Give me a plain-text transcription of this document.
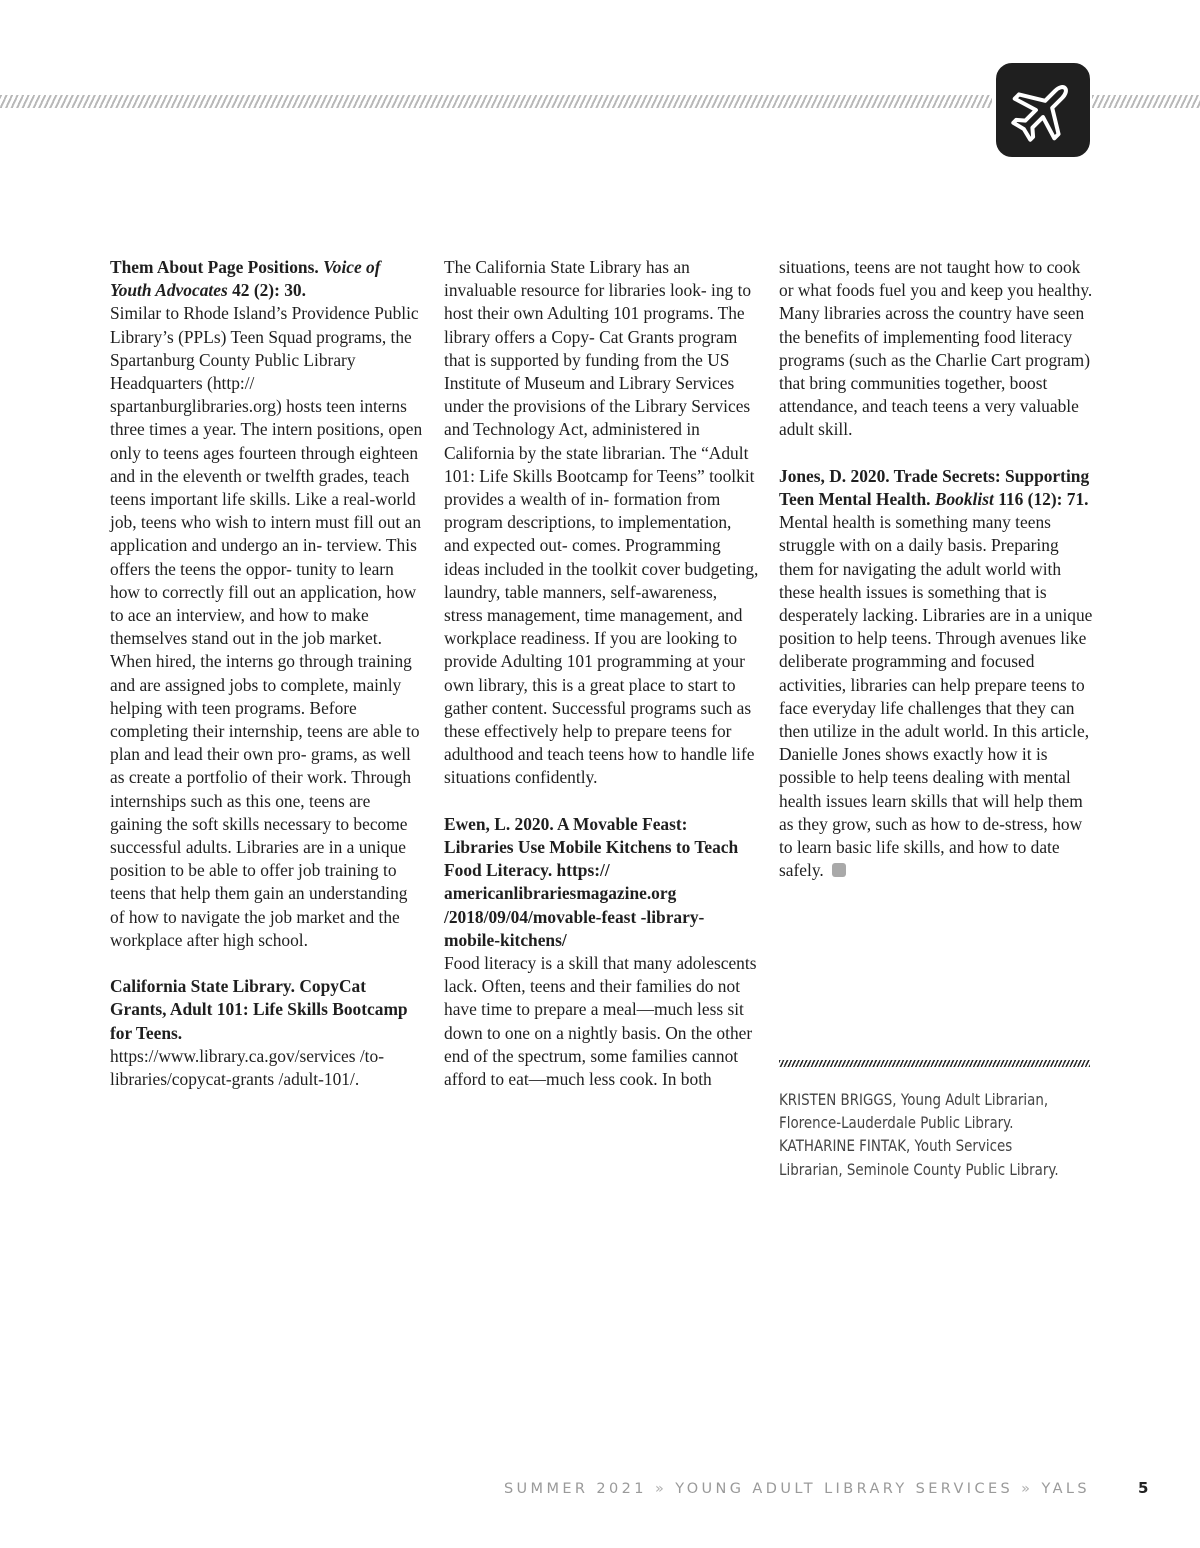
Them About Page Positions. Voice of Youth Advocates 42 (2): 30.

Similar to Rhode Island’s Providence Public Library’s (PPLs) Teen Squad programs, the Spartanburg County Public Library Headquarters (http:// spartanburglibraries.org) hosts teen interns three times a year. The intern positions, open only to teens ages fourteen through eighteen and in the eleventh or twelfth grades, teach teens important life skills. Like a real-world job, teens who wish to intern must fill out an application and undergo an in- terview. This offers the teens the oppor- tunity to learn how to correctly fill out an application, how to ace an interview, and how to make themselves stand out in the job market. When hired, the interns go through training and are assigned jobs to complete, mainly helping with teen programs. Before completing their internship, teens are able to plan and lead their own pro- grams, as well as create a portfolio of their work. Through internships such as this one, teens are gaining the soft skills necessary to become successful adults. Libraries are in a unique position to be able to offer job training to teens that help them gain an understanding of how to navigate the job market and the workplace after high school.

California State Library. CopyCat Grants, Adult 101: Life Skills Bootcamp for Teens.

https://www.library.ca.gov/services /to-libraries/copycat-grants /adult-101/.

The California State Library has an invaluable resource for libraries look- ing to host their own Adulting 101 programs. The library offers a Copy- Cat Grants program that is supported by funding from the US Institute of Museum and Library Services under the provisions of the Library Services and Technology Act, administered in California by the state librarian. The “Adult 101: Life Skills Bootcamp for Teens” toolkit provides a wealth of in- formation from program descriptions, to implementation, and expected out- comes. Programming ideas included in the toolkit cover budgeting, laundry, table manners, self-awareness, stress management, time management, and workplace readiness. If you are looking to provide Adulting 101 programming at your own library, this is a great place to start to gather content. Successful programs such as these effectively help to prepare teens for adulthood and teach teens how to handle life situations confidently.

Ewen, L. 2020. A Movable Feast: Libraries Use Mobile Kitchens to Teach Food Literacy. https:// americanlibrariesmagazine.org /2018/09/04/movable-feast -library-mobile-kitchens/

Food literacy is a skill that many adolescents lack. Often, teens and their families do not have time to prepare a meal—much less sit down to one on a nightly basis. On the other end of the spectrum, some families cannot afford to eat—much less cook. In both

situations, teens are not taught how to cook or what foods fuel you and keep you healthy. Many libraries across the country have seen the benefits of implementing food literacy programs (such as the Charlie Cart program) that bring communities together, boost attendance, and teach teens a very valuable adult skill.

Jones, D. 2020. Trade Secrets: Supporting Teen Mental Health. Booklist 116 (12): 71.

Mental health is something many teens struggle with on a daily basis. Preparing them for navigating the adult world with these health issues is something that is desperately lacking. Libraries are in a unique position to help teens. Through avenues like deliberate programming and focused activities, libraries can help prepare teens to face everyday life challenges that they can then utilize in the adult world. In this article, Danielle Jones shows exactly how it is possible to help teens dealing with mental health issues learn skills that will help them as they grow, such as how to de-stress, how to learn basic life skills, and how to date safely.

KRISTEN BRIGGS, Young Adult Librarian, Florence-Lauderdale Public Library.

KATHARINE FINTAK, Youth Services Librarian, Seminole County Public Library.

SUMMER 2021 » YOUNG ADULT LIBRARY SERVICES » YALS	5
